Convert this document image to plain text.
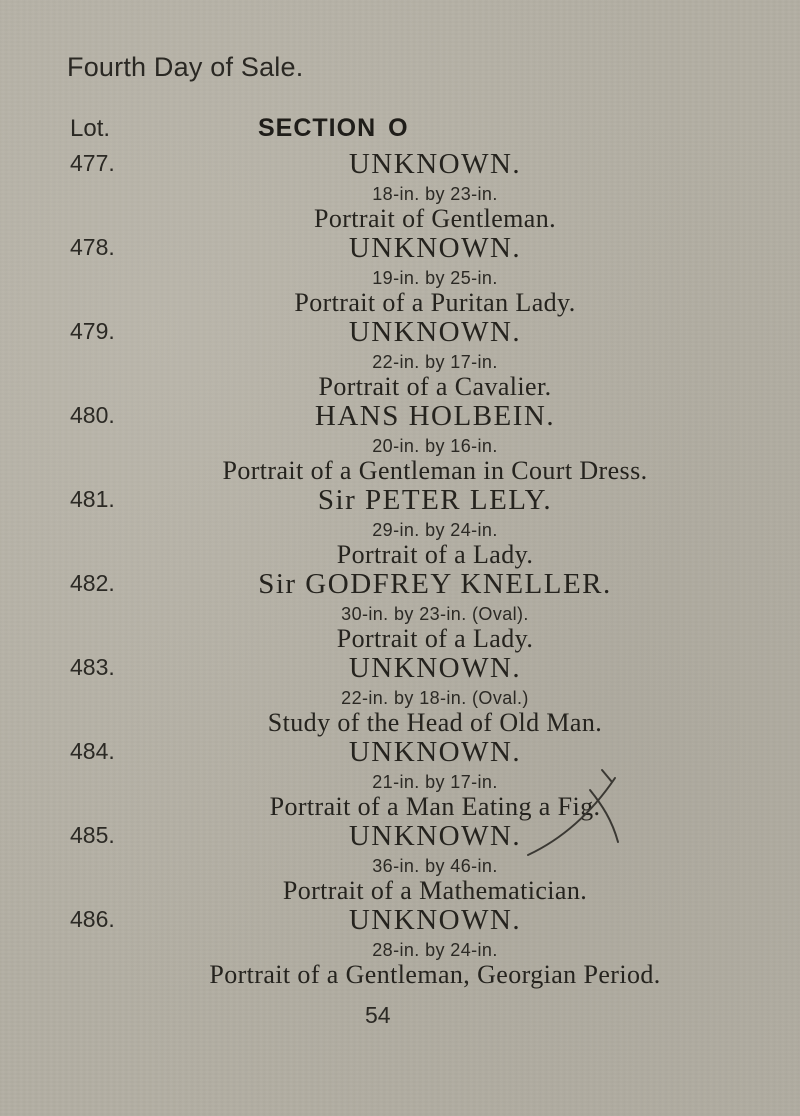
Fourth Day of Sale.
Lot.	SECTION O
477.	UNKNOWN.
18-in. by 23-in.
Portrait of Gentleman.
478.	UNKNOWN.
19-in. by 25-in.
Portrait of a Puritan Lady.
479.	UNKNOWN.
22-in. by 17-in.
Portrait of a Cavalier.
480.	HANS HOLBEIN.
20-in. by 16-in.
Portrait of a Gentleman in Court Dress.
481.	Sir PETER LELY.
29-in. by 24-in.
Portrait of a Lady.
482.	Sir GODFREY KNELLER.
30-in. by 23-in. (Oval).
Portrait of a Lady.
483.	UNKNOWN.
22-in. by 18-in. (Oval.)
Study of the Head of Old Man.
484.	UNKNOWN.
21-in. by 17-in.
Portrait of a Man Eating a Fig.
485.	UNKNOWN.
36-in. by 46-in.
Portrait of a Mathematician.
486.	UNKNOWN.
28-in. by 24-in.
Portrait of a Gentleman, Georgian Period.
54
